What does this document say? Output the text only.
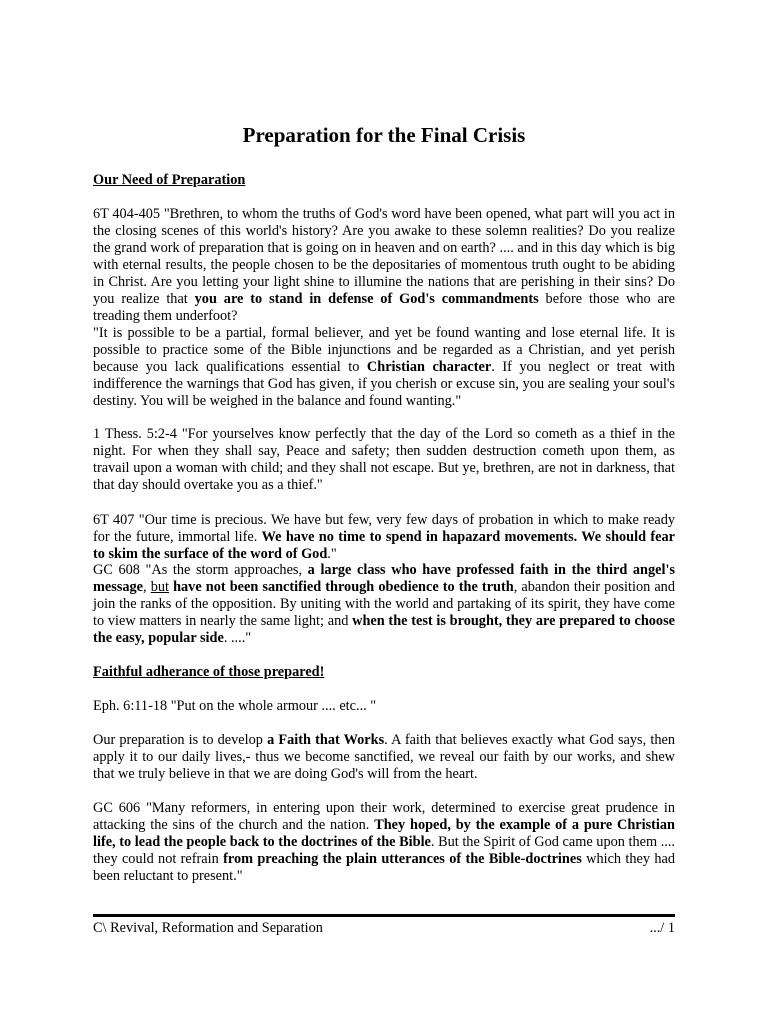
Preparation for the Final Crisis

Our Need of Preparation

6T 404-405 "Brethren, to whom the truths of God's word have been opened, what part will you act in the closing scenes of this world's history? Are you awake to these solemn realities? Do you realize the grand work of preparation that is going on in heaven and on earth? .... and in this day which is big with eternal results, the people chosen to be the depositaries of momentous truth ought to be abiding in Christ. Are you letting your light shine to illumine the nations that are perishing in their sins? Do you realize that you are to stand in defense of God's commandments before those who are treading them underfoot?

"It is possible to be a partial, formal believer, and yet be found wanting and lose eternal life. It is possible to practice some of the Bible injunctions and be regarded as a Christian, and yet perish because you lack qualifications essential to Christian character. If you neglect or treat with indifference the warnings that God has given, if you cherish or excuse sin, you are sealing your soul's destiny. You will be weighed in the balance and found wanting."

1 Thess. 5:2-4 "For yourselves know perfectly that the day of the Lord so cometh as a thief in the night. For when they shall say, Peace and safety; then sudden destruction cometh upon them, as travail upon a woman with child; and they shall not escape. But ye, brethren, are not in darkness, that that day should overtake you as a thief."

6T 407 "Our time is precious. We have but few, very few days of probation in which to make ready for the future, immortal life. We have no time to spend in hapazard movements. We should fear to skim the surface of the word of God."

GC 608 "As the storm approaches, a large class who have professed faith in the third angel's message, but have not been sanctified through obedience to the truth, abandon their position and join the ranks of the opposition. By uniting with the world and partaking of its spirit, they have come to view matters in nearly the same light; and when the test is brought, they are prepared to choose the easy, popular side. ...."

Faithful adherance of those prepared!

Eph. 6:11-18 "Put on the whole armour .... etc... "

Our preparation is to develop a Faith that Works. A faith that believes exactly what God says, then apply it to our daily lives,- thus we become sanctified, we reveal our faith by our works, and shew that we truly believe in that we are doing God's will from the heart.

GC 606 "Many reformers, in entering upon their work, determined to exercise great prudence in attacking the sins of the church and the nation. They hoped, by the example of a pure Christian life, to lead the people back to the doctrines of the Bible. But the Spirit of God came upon them .... they could not refrain from preaching the plain utterances of the Bible-doctrines which they had been reluctant to present."

C\ Revival, Reformation and Separation	.../ 1
